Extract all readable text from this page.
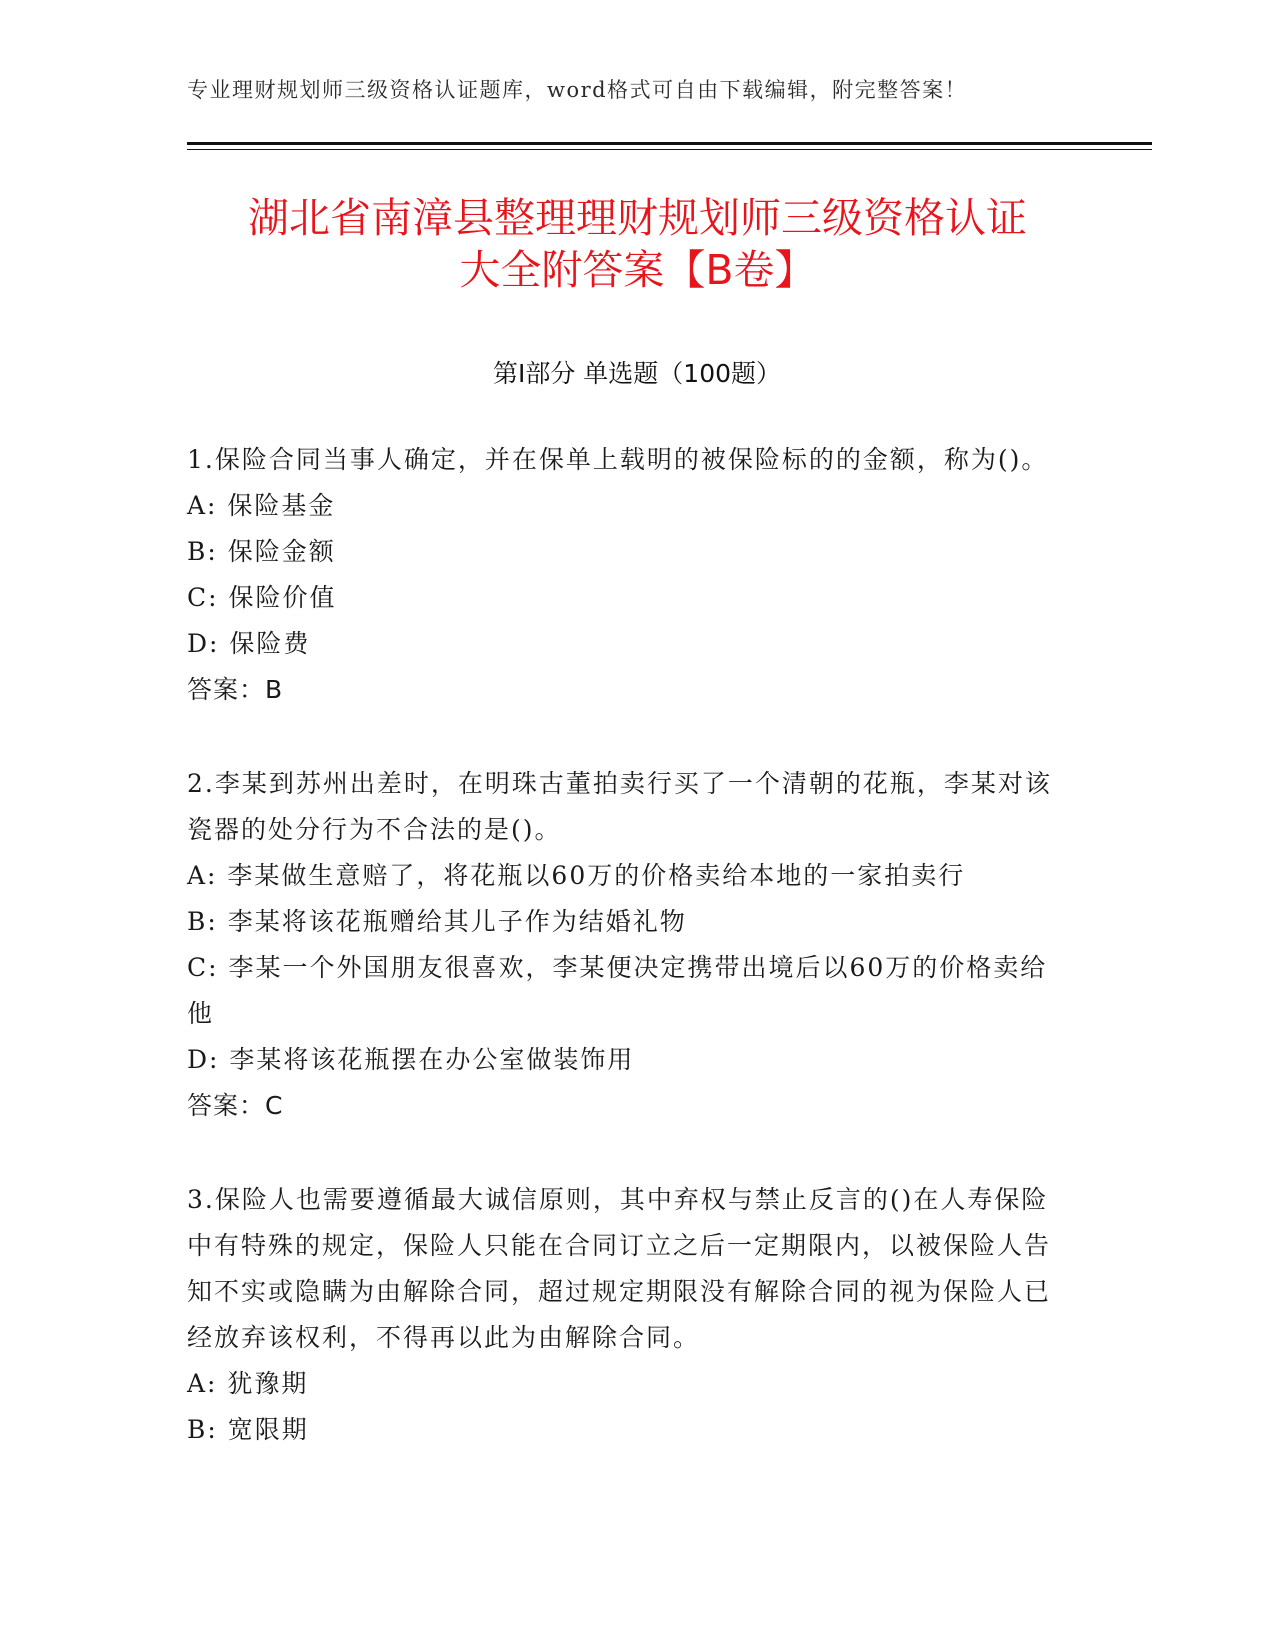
专业理财规划师三级资格认证题库，word格式可自由下载编辑，附完整答案！
湖北省南漳县整理理财规划师三级资格认证
大全附答案【B卷】
第Ⅰ部分 单选题（100题）

1.保险合同当事人确定，并在保单上载明的被保险标的的金额，称为()。

A: 保险基金

B: 保险金额

C: 保险价值

D: 保险费

答案：B

2.李某到苏州出差时，在明珠古董拍卖行买了一个清朝的花瓶，李某对该瓷器的处分行为不合法的是()。

A: 李某做生意赔了，将花瓶以60万的价格卖给本地的一家拍卖行

B: 李某将该花瓶赠给其儿子作为结婚礼物

C: 李某一个外国朋友很喜欢，李某便决定携带出境后以60万的价格卖给他

D: 李某将该花瓶摆在办公室做装饰用

答案：C

3.保险人也需要遵循最大诚信原则，其中弃权与禁止反言的()在人寿保险中有特殊的规定，保险人只能在合同订立之后一定期限内，以被保险人告知不实或隐瞒为由解除合同，超过规定期限没有解除合同的视为保险人已经放弃该权利，不得再以此为由解除合同。

A: 犹豫期

B: 宽限期
